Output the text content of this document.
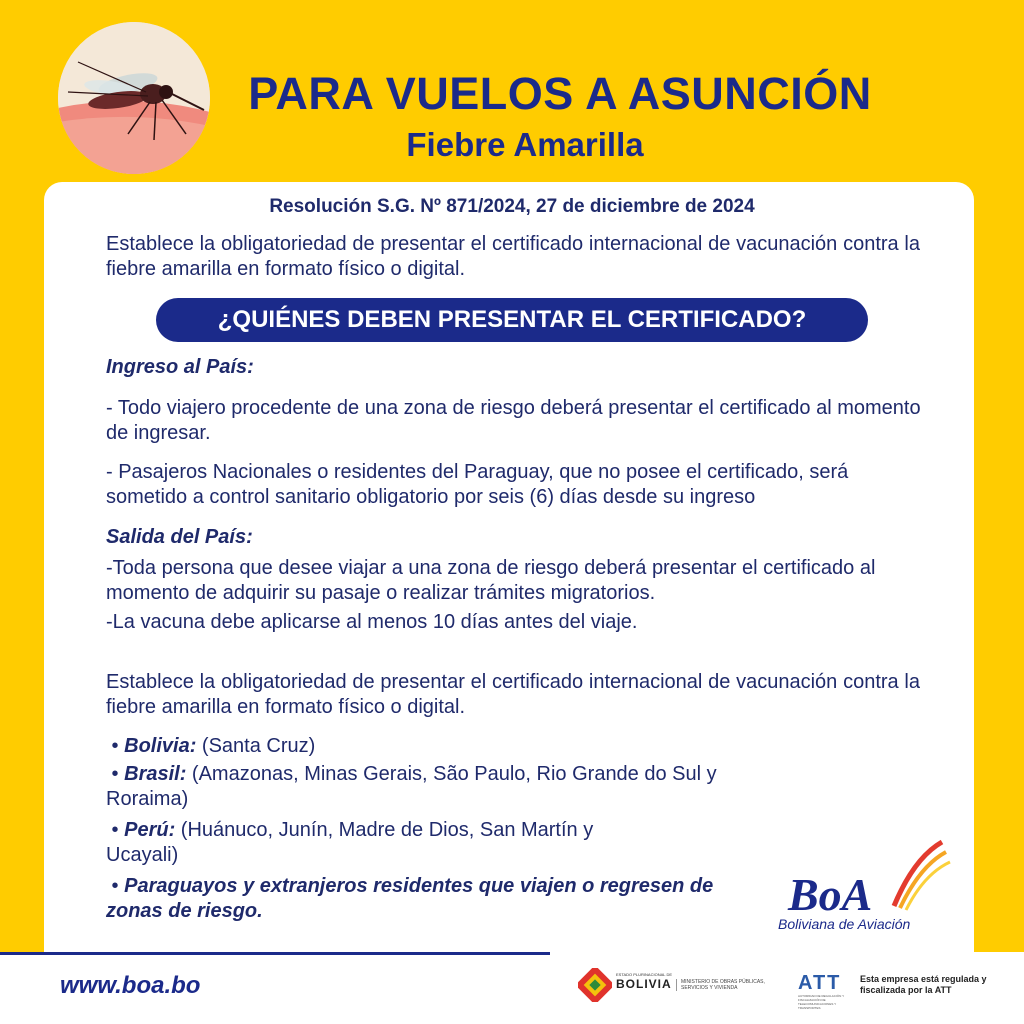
PARA VUELOS A ASUNCIÓN
Fiebre Amarilla
Resolución S.G. Nº 871/2024, 27 de diciembre de 2024
Establece la obligatoriedad de presentar el certificado internacional de vacunación contra la fiebre amarilla en formato físico o digital.
¿QUIÉNES DEBEN PRESENTAR EL CERTIFICADO?
Ingreso al País:
- Todo viajero procedente de una zona de riesgo deberá presentar el certificado al momento de ingresar.
- Pasajeros Nacionales o residentes del Paraguay, que no posee el certificado, será sometido a control sanitario obligatorio por seis (6) días desde su ingreso
Salida del País:
-Toda persona que desee viajar a una zona de riesgo deberá presentar el certificado al momento de adquirir su pasaje o realizar trámites migratorios.
-La vacuna debe aplicarse al menos 10 días antes del viaje.
Establece la obligatoriedad de presentar el certificado internacional de vacunación contra la fiebre amarilla en formato físico o digital.
• Bolivia: (Santa Cruz)
• Brasil: (Amazonas, Minas Gerais, São Paulo, Rio Grande do Sul y Roraima)
• Perú: (Huánuco, Junín, Madre de Dios, San Martín y Ucayali)
• Paraguayos y extranjeros residentes que viajen o regresen de zonas de riesgo.	BoA
Boliviana de Aviación
www.boa.bo	ESTADO PLURINACIONAL DE
BOLIVIA	MINISTERIO DE OBRAS PÚBLICAS, SERVICIOS Y VIVIENDA	ATT
AUTORIDAD DE REGULACIÓN Y FISCALIZACIÓN DE TELECOMUNICACIONES Y TRANSPORTES
Esta empresa está regulada y fiscalizada por la ATT
